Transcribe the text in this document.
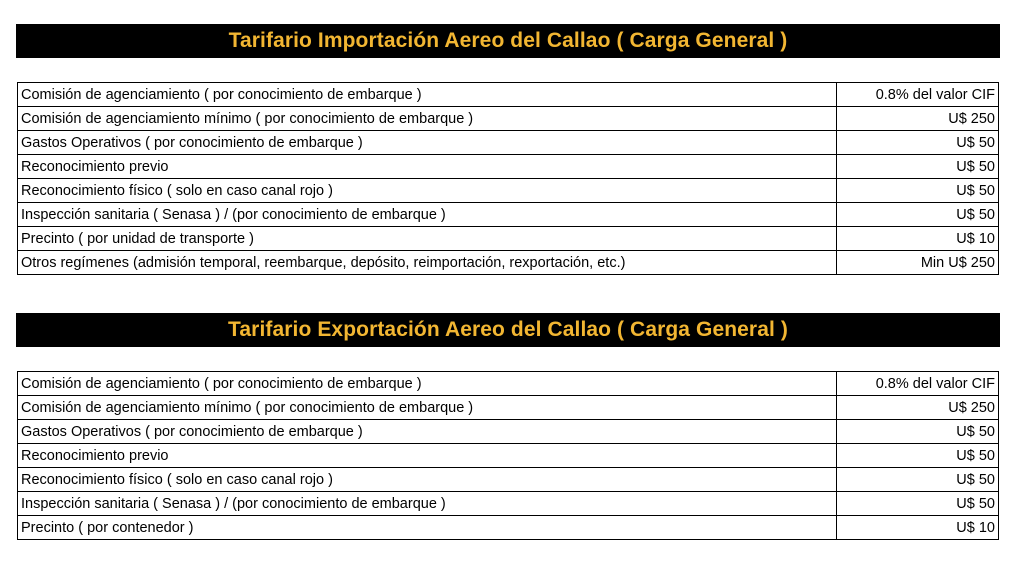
Tarifario Importación Aereo del Callao ( Carga General )
Comisión de agenciamiento ( por conocimiento de embarque )	0.8% del valor CIF
Comisión de agenciamiento mínimo ( por conocimiento de embarque )	U$ 250
Gastos Operativos ( por conocimiento de embarque )	U$ 50
Reconocimiento previo	U$ 50
Reconocimiento físico ( solo en caso canal rojo )	U$ 50
Inspección sanitaria ( Senasa ) / (por conocimiento de embarque )	U$ 50
Precinto ( por unidad de transporte )	U$ 10
Otros regímenes (admisión temporal, reembarque, depósito, reimportación, rexportación, etc.)	Min U$ 250
Tarifario Exportación Aereo del Callao ( Carga General )
Comisión de agenciamiento ( por conocimiento de embarque )	0.8% del valor CIF
Comisión de agenciamiento mínimo ( por conocimiento de embarque )	U$ 250
Gastos Operativos ( por conocimiento de embarque )	U$ 50
Reconocimiento previo	U$ 50
Reconocimiento físico ( solo en caso canal rojo )	U$ 50
Inspección sanitaria ( Senasa ) / (por conocimiento de embarque )	U$ 50
Precinto ( por contenedor )	U$ 10
